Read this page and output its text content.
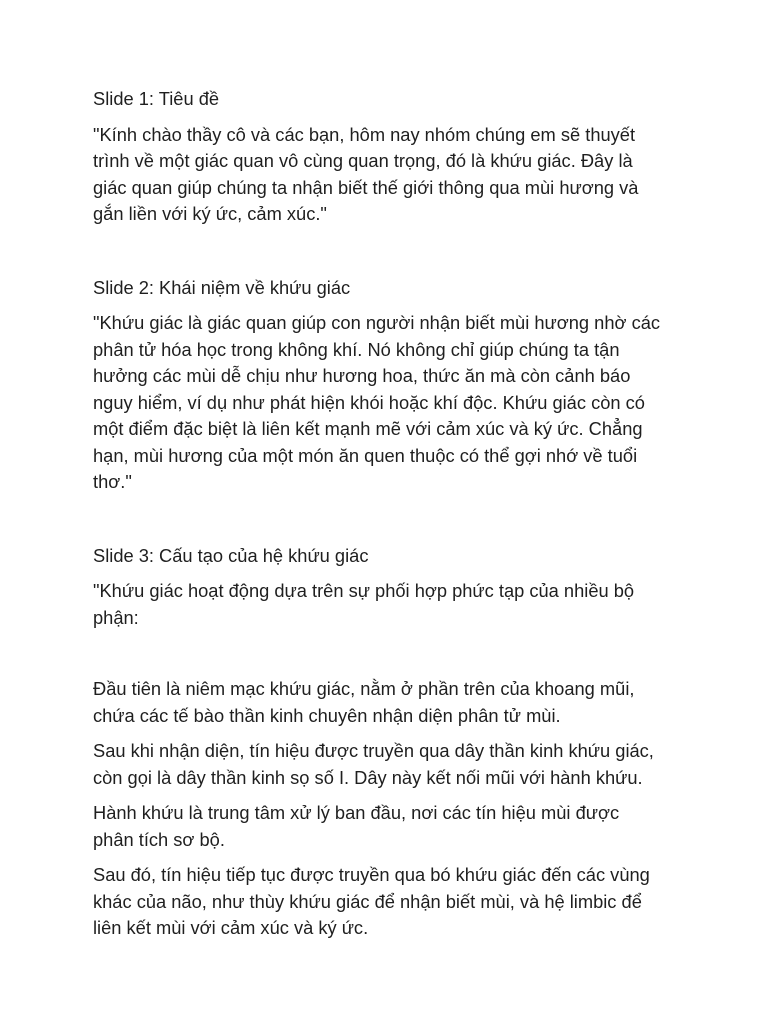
Slide 1: Tiêu đề

"Kính chào thầy cô và các bạn, hôm nay nhóm chúng em sẽ thuyết

trình về một giác quan vô cùng quan trọng, đó là khứu giác. Đây là

giác quan giúp chúng ta nhận biết thế giới thông qua mùi hương và

gắn liền với ký ức, cảm xúc."

Slide 2: Khái niệm về khứu giác

"Khứu giác là giác quan giúp con người nhận biết mùi hương nhờ các

phân tử hóa học trong không khí. Nó không chỉ giúp chúng ta tận

hưởng các mùi dễ chịu như hương hoa, thức ăn mà còn cảnh báo

nguy hiểm, ví dụ như phát hiện khói hoặc khí độc. Khứu giác còn có

một điểm đặc biệt là liên kết mạnh mẽ với cảm xúc và ký ức. Chẳng

hạn, mùi hương của một món ăn quen thuộc có thể gợi nhớ về tuổi

thơ."

Slide 3: Cấu tạo của hệ khứu giác

"Khứu giác hoạt động dựa trên sự phối hợp phức tạp của nhiều bộ

phận:

Đầu tiên là niêm mạc khứu giác, nằm ở phần trên của khoang mũi,

chứa các tế bào thần kinh chuyên nhận diện phân tử mùi.

Sau khi nhận diện, tín hiệu được truyền qua dây thần kinh khứu giác,

còn gọi là dây thần kinh sọ số I. Dây này kết nối mũi với hành khứu.

Hành khứu là trung tâm xử lý ban đầu, nơi các tín hiệu mùi được

phân tích sơ bộ.

Sau đó, tín hiệu tiếp tục được truyền qua bó khứu giác đến các vùng

khác của não, như thùy khứu giác để nhận biết mùi, và hệ limbic để

liên kết mùi với cảm xúc và ký ức.
